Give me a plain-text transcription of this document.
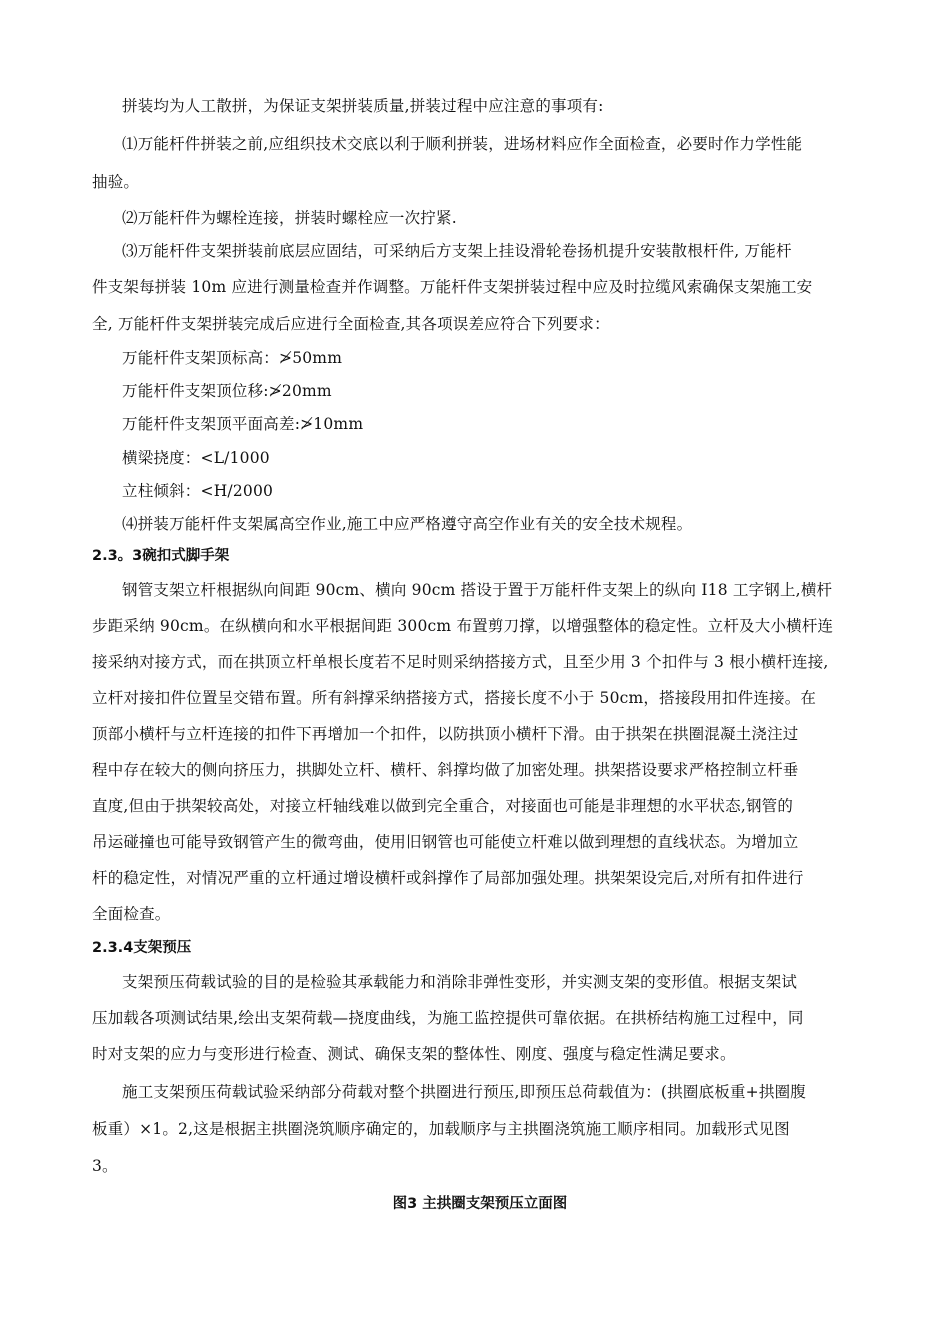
拼装均为人工散拼，为保证支架拼装质量,拼装过程中应注意的事项有:
⑴万能杆件拼装之前,应组织技术交底以利于顺利拼装，进场材料应作全面检查，必要时作力学性能
抽验。
⑵万能杆件为螺栓连接，拼装时螺栓应一次拧紧.
⑶万能杆件支架拼装前底层应固结，可采纳后方支架上挂设滑轮卷扬机提升安装散根杆件, 万能杆
件支架每拼装 10m 应进行测量检查并作调整。万能杆件支架拼装过程中应及时拉缆风索确保支架施工安
全, 万能杆件支架拼装完成后应进行全面检查,其各项误差应符合下列要求：
万能杆件支架顶标高：≯50mm
万能杆件支架顶位移:≯20mm
万能杆件支架顶平面高差:≯10mm
横梁挠度：<L/1000
立柱倾斜：<H/2000
⑷拼装万能杆件支架属高空作业,施工中应严格遵守高空作业有关的安全技术规程。
2.3。3碗扣式脚手架
钢管支架立杆根据纵向间距 90cm、横向 90cm 搭设于置于万能杆件支架上的纵向 I18 工字钢上,横杆
步距采纳 90cm。在纵横向和水平根据间距 300cm 布置剪刀撑，以增强整体的稳定性。立杆及大小横杆连
接采纳对接方式，而在拱顶立杆单根长度若不足时则采纳搭接方式，且至少用 3 个扣件与 3 根小横杆连接,
立杆对接扣件位置呈交错布置。所有斜撑采纳搭接方式，搭接长度不小于 50cm，搭接段用扣件连接。在
顶部小横杆与立杆连接的扣件下再增加一个扣件，以防拱顶小横杆下滑。由于拱架在拱圈混凝土浇注过
程中存在较大的侧向挤压力，拱脚处立杆、横杆、斜撑均做了加密处理。拱架搭设要求严格控制立杆垂
直度,但由于拱架较高处，对接立杆轴线难以做到完全重合，对接面也可能是非理想的水平状态,钢管的
吊运碰撞也可能导致钢管产生的微弯曲，使用旧钢管也可能使立杆难以做到理想的直线状态。为增加立
杆的稳定性，对情况严重的立杆通过增设横杆或斜撑作了局部加强处理。拱架架设完后,对所有扣件进行
全面检查。
2.3.4支架预压
支架预压荷载试验的目的是检验其承载能力和消除非弹性变形，并实测支架的变形值。根据支架试
压加载各项测试结果,绘出支架荷载—挠度曲线，为施工监控提供可靠依据。在拱桥结构施工过程中，同
时对支架的应力与变形进行检查、测试、确保支架的整体性、刚度、强度与稳定性满足要求。
施工支架预压荷载试验采纳部分荷载对整个拱圈进行预压,即预压总荷载值为：(拱圈底板重+拱圈腹
板重）×1。2,这是根据主拱圈浇筑顺序确定的，加载顺序与主拱圈浇筑施工顺序相同。加载形式见图
3。
图3 主拱圈支架预压立面图
